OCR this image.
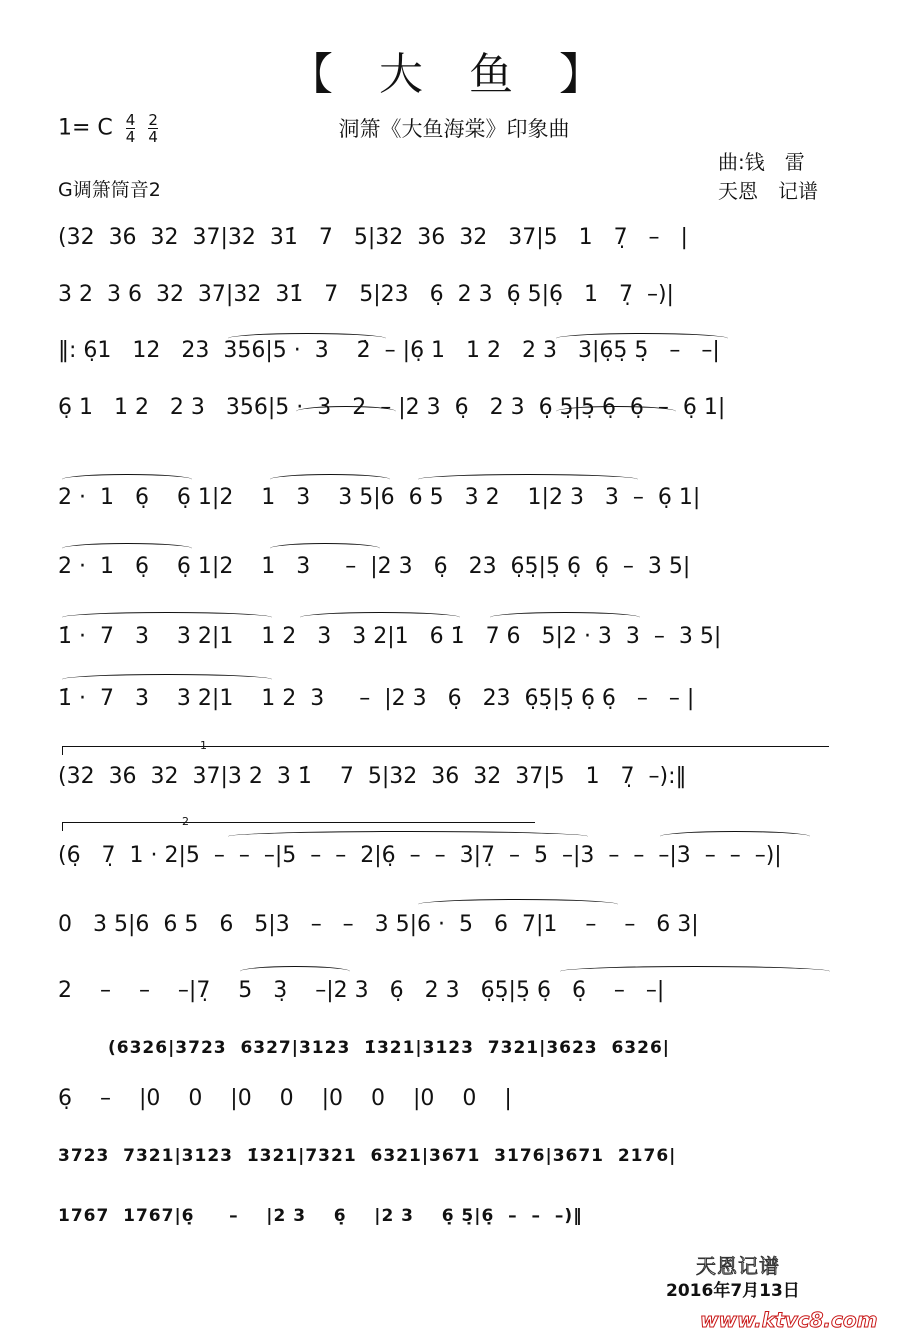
【 大 鱼 】
洞箫《大鱼海棠》印象曲
1= C $\frac{4}{4}$
$\frac{2}{4}$
曲:钱　雷
天恩　记谱
G调箫筒音2
(32  36  32  37|32  31̇   7   5|32  36  32   37|5   1   7̣   –   |
3 2  3 6  32  37|32  31̇   7   5|23   6̣  2 3  6̣ 5|6̣   1   7̣  –)|
‖: 6̣1   12   23  356|5 ·  3    2̇  – |6̣ 1   1 2   2 3   3|6̣5̣ 5̣   –   –|
6̣ 1   1 2   2 3   356|5 ·  3   2  – |2 3  6̣   2 3  6̣ 5̣|5̣ 6̣  6̣  –  6̣ 1|
2 ·  1   6̣    6̣ 1|2    1   3    3 5|6  6 5   3 2    1|2 3   3  –  6̣ 1|
2 ·  1   6̣    6̣ 1|2    1   3     –  |2 3   6̣   23  6̣5̣|5̣ 6̣  6̣  –  3 5|
1̇ ·  7   3    3 2|1    1 2   3   3 2|1   6 1̇   7 6   5|2 · 3  3  –  3 5|
1̇ ·  7   3    3 2|1    1 2  3     –  |2 3   6̣   23  6̣5̣|5̣ 6̣ 6̣   –   – |
(32  36  32  37|3 2  3 1̇    7  5|32  36  32  37|5   1   7̣  –):‖
(6̣   7̣  1 · 2|5  –  –  –|5  –  –  2|6̣  –  –  3|7̣  –  5  –|3  –  –  –|3  –  –  –)|
0   3 5|6  6 5   6   5|3   –   –   3 5|6 ·  5   6  7|1    –    –   6 3|
2    –    –    –|7̣    5   3̣    –|2 3   6̣   2 3   6̣5̣|5̣ 6̣   6̣    –   –|
(6326|3723  6327|3123  1̇321|3123  7321|3623  6326|
6̣    –    |0    0    |0    0    |0    0    |0    0    |
3723  7321|3123  1̇321|7321  6321|3671  3176|3671  2176|
1767  1767|6̣     –    |2 3    6̣    |2 3    6̣ 5̣|6̣  –  –  –)‖
1
2
天恩记谱
2016年7月13日
www.ktvc8.com
